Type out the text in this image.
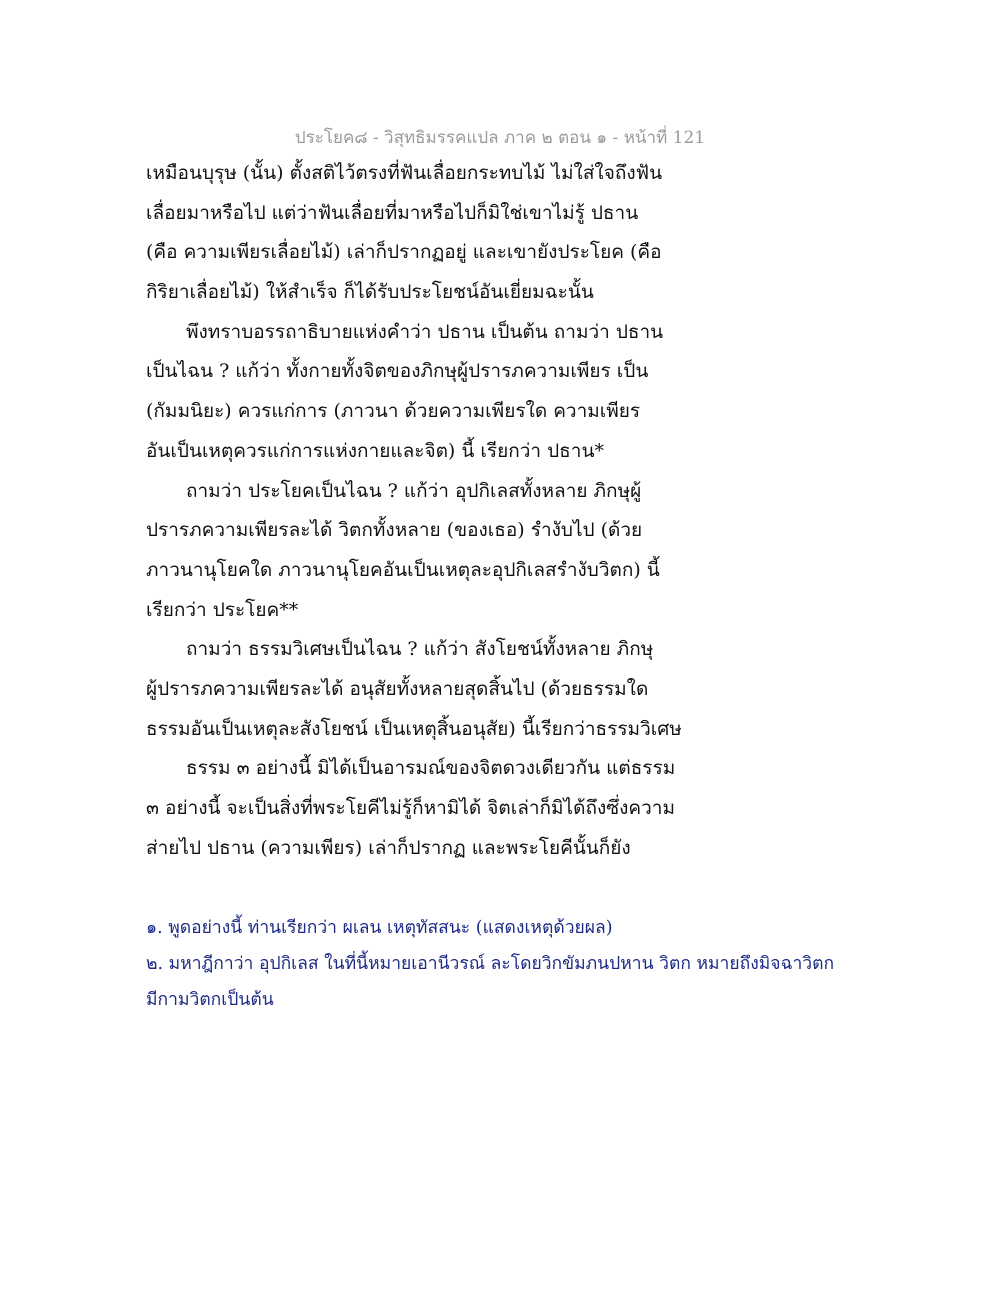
ประโยค๘ - วิสุทธิมรรคแปล ภาค ๒ ตอน ๑ - หน้าที่ 121
เหมือนบุรุษ (นั้น) ตั้งสติไว้ตรงที่ฟันเลื่อยกระทบไม้ ไม่ใส่ใจถึงฟัน
เลื่อยมาหรือไป แต่ว่าฟันเลื่อยที่มาหรือไปก็มิใช่เขาไม่รู้ ปธาน
(คือ ความเพียรเลื่อยไม้) เล่าก็ปรากฏอยู่ และเขายังประโยค (คือ
กิริยาเลื่อยไม้) ให้สำเร็จ ก็ได้รับประโยชน์อันเยี่ยมฉะนั้น
พึงทราบอรรถาธิบายแห่งคำว่า ปธาน เป็นต้น ถามว่า ปธาน
เป็นไฉน ? แก้ว่า ทั้งกายทั้งจิตของภิกษุผู้ปรารภความเพียร เป็น
(กัมมนิยะ) ควรแก่การ (ภาวนา ด้วยความเพียรใด ความเพียร
อันเป็นเหตุควรแก่การแห่งกายและจิต) นี้ เรียกว่า ปธาน*
ถามว่า ประโยคเป็นไฉน ? แก้ว่า อุปกิเลสทั้งหลาย ภิกษุผู้
ปรารภความเพียรละได้ วิตกทั้งหลาย (ของเธอ) รำงับไป (ด้วย
ภาวนานุโยคใด ภาวนานุโยคอันเป็นเหตุละอุปกิเลสรำงับวิตก) นี้
เรียกว่า ประโยค**
ถามว่า ธรรมวิเศษเป็นไฉน ? แก้ว่า สังโยชน์ทั้งหลาย ภิกษุ
ผู้ปรารภความเพียรละได้ อนุสัยทั้งหลายสุดสิ้นไป (ด้วยธรรมใด
ธรรมอันเป็นเหตุละสังโยชน์ เป็นเหตุสิ้นอนุสัย) นี้เรียกว่าธรรมวิเศษ
ธรรม ๓ อย่างนี้ มิได้เป็นอารมณ์ของจิตดวงเดียวกัน แต่ธรรม
๓ อย่างนี้ จะเป็นสิ่งที่พระโยคีไม่รู้ก็หามิได้ จิตเล่าก็มิได้ถึงซึ่งความ
ส่ายไป ปธาน (ความเพียร) เล่าก็ปรากฏ และพระโยคีนั้นก็ยัง
๑. พูดอย่างนี้ ท่านเรียกว่า ผเลน เหตุทัสสนะ (แสดงเหตุด้วยผล)
๒. มหาฎีกาว่า อุปกิเลส ในที่นี้หมายเอานีวรณ์ ละโดยวิกขัมภนปหาน วิตก หมายถึงมิจฉาวิตก
มีกามวิตกเป็นต้น
